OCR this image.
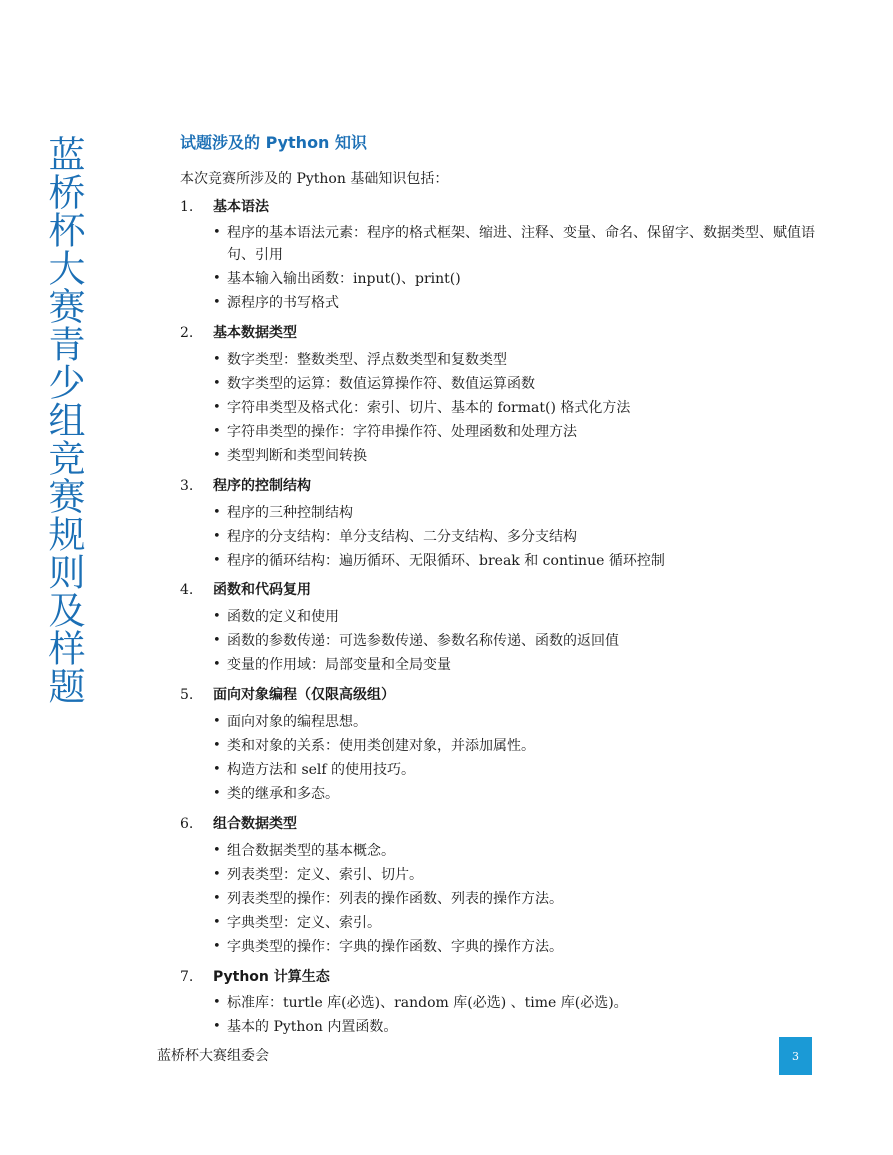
蓝桥杯大赛青少组竞赛规则及样题	试题涉及的 Python 知识
本次竞赛所涉及的 Python 基础知识包括：
1.	基本语法
• 程序的基本语法元素：程序的格式框架、缩进、注释、变量、命名、保留字、数据类型、赋值语句、引用
• 基本输入输出函数：input()、print()
• 源程序的书写格式
2.	基本数据类型
• 数字类型：整数类型、浮点数类型和复数类型
• 数字类型的运算：数值运算操作符、数值运算函数
• 字符串类型及格式化：索引、切片、基本的 format() 格式化方法
• 字符串类型的操作：字符串操作符、处理函数和处理方法
• 类型判断和类型间转换
3.	程序的控制结构
• 程序的三种控制结构
• 程序的分支结构：单分支结构、二分支结构、多分支结构
• 程序的循环结构：遍历循环、无限循环、break 和 continue 循环控制
4.	函数和代码复用
• 函数的定义和使用
• 函数的参数传递：可选参数传递、参数名称传递、函数的返回值
• 变量的作用域：局部变量和全局变量
5.	面向对象编程（仅限高级组）
• 面向对象的编程思想。
• 类和对象的关系：使用类创建对象，并添加属性。
• 构造方法和 self 的使用技巧。
• 类的继承和多态。
6.	组合数据类型
• 组合数据类型的基本概念。
• 列表类型：定义、索引、切片。
• 列表类型的操作：列表的操作函数、列表的操作方法。
• 字典类型：定义、索引。
• 字典类型的操作：字典的操作函数、字典的操作方法。
7.	Python 计算生态
• 标准库：turtle 库(必选)、random 库(必选) 、time 库(必选)。
• 基本的 Python 内置函数。
蓝桥杯大赛组委会	3
